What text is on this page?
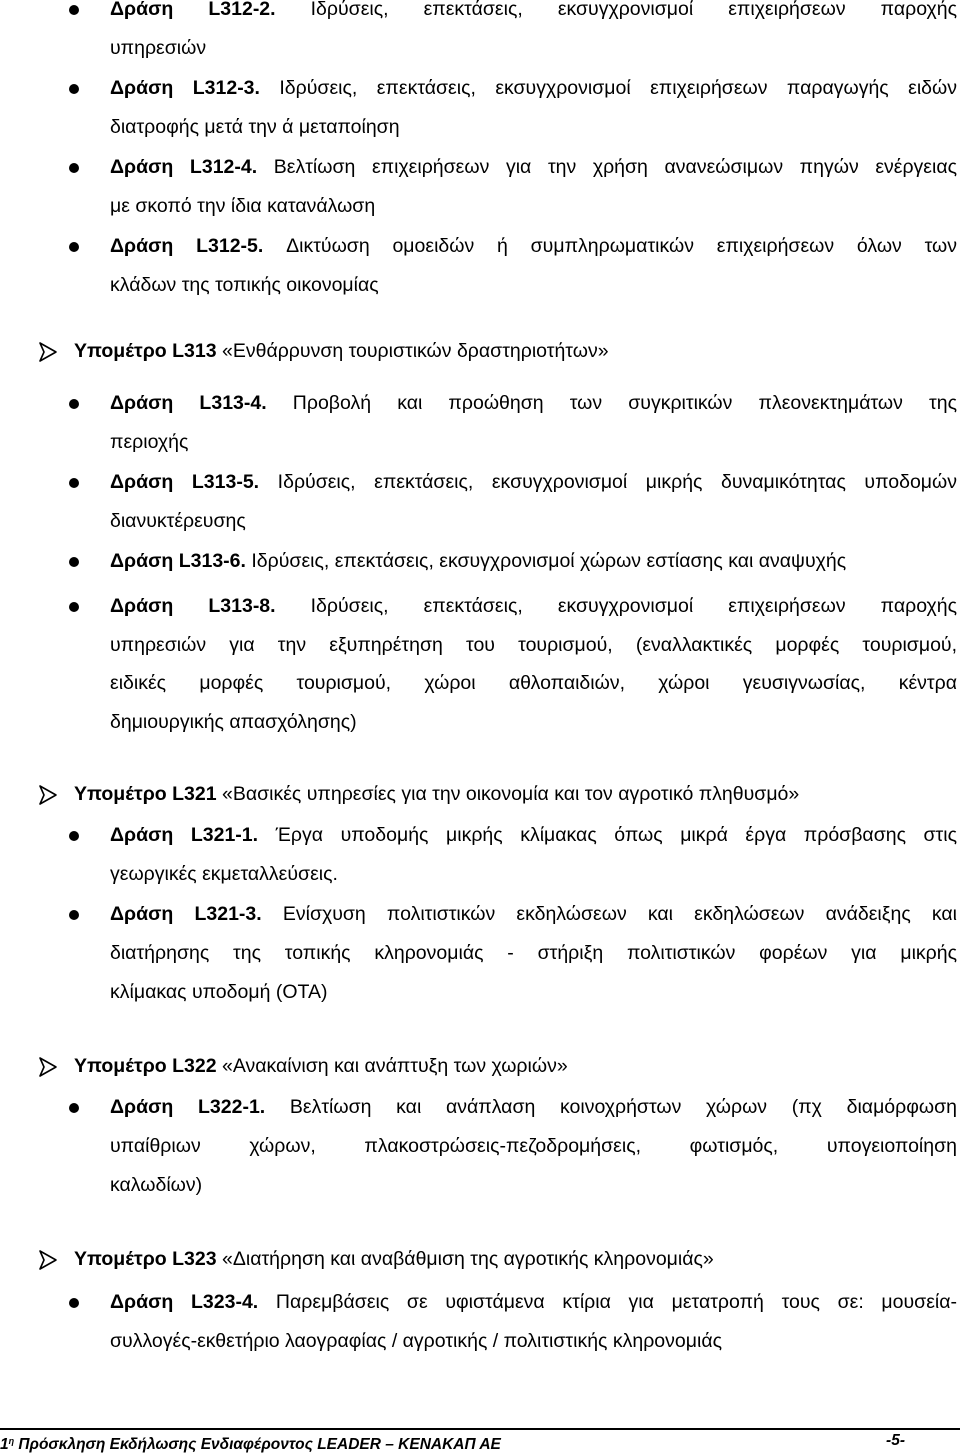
Δράση L312-2. Ιδρύσεις, επεκτάσεις, εκσυγχρονισμοί επιχειρήσεων παροχής
υπηρεσιών
Δράση L312-3. Ιδρύσεις, επεκτάσεις, εκσυγχρονισμοί επιχειρήσεων παραγωγής ειδών
διατροφής μετά την ά μεταποίηση
Δράση L312-4. Βελτίωση επιχειρήσεων για την χρήση ανανεώσιμων πηγών ενέργειας
με σκοπό την ίδια κατανάλωση
Δράση L312-5. Δικτύωση ομοειδών ή συμπληρωματικών επιχειρήσεων όλων των
κλάδων της τοπικής οικονομίας
Υπομέτρο L313 «Ενθάρρυνση τουριστικών δραστηριοτήτων»
Δράση L313-4. Προβολή και προώθηση των συγκριτικών πλεονεκτημάτων της
περιοχής
Δράση L313-5. Ιδρύσεις, επεκτάσεις, εκσυγχρονισμοί μικρής δυναμικότητας υποδομών
διανυκτέρευσης
Δράση L313-6. Ιδρύσεις, επεκτάσεις, εκσυγχρονισμοί χώρων εστίασης και αναψυχής
Δράση L313-8. Ιδρύσεις, επεκτάσεις, εκσυγχρονισμοί επιχειρήσεων παροχής
υπηρεσιών για την εξυπηρέτηση του τουρισμού, (εναλλακτικές μορφές τουρισμού,
ειδικές μορφές τουρισμού, χώροι αθλοπαιδιών, χώροι γευσιγνωσίας, κέντρα
δημιουργικής απασχόλησης)
Υπομέτρο L321 «Βασικές υπηρεσίες για την οικονομία και τον αγροτικό πληθυσμό»
Δράση L321-1. Έργα υποδομής μικρής κλίμακας όπως μικρά έργα πρόσβασης στις
γεωργικές εκμεταλλεύσεις.
Δράση L321-3. Ενίσχυση πολιτιστικών εκδηλώσεων και εκδηλώσεων ανάδειξης και
διατήρησης της τοπικής κληρονομιάς - στήριξη πολιτιστικών φορέων για μικρής
κλίμακας υποδομή (ΟΤΑ)
Υπομέτρο L322 «Ανακαίνιση και ανάπτυξη των χωριών»
Δράση L322-1. Βελτίωση και ανάπλαση κοινοχρήστων χώρων (πχ διαμόρφωση
υπαίθριων χώρων, πλακοστρώσεις-πεζοδρομήσεις, φωτισμός, υπογειοποίηση
καλωδίων)
Υπομέτρο L323 «Διατήρηση και αναβάθμιση της αγροτικής κληρονομιάς»
Δράση L323-4. Παρεμβάσεις σε υφιστάμενα κτίρια για μετατροπή τους σε: μουσεία-
συλλογές-εκθετήριο λαογραφίας / αγροτικής / πολιτιστικής κληρονομιάς
$1^\eta$ Πρόσκληση Εκδήλωσης Ενδιαφέροντος LEADER – ΚΕΝΑΚΑΠ ΑΕ	-5-
